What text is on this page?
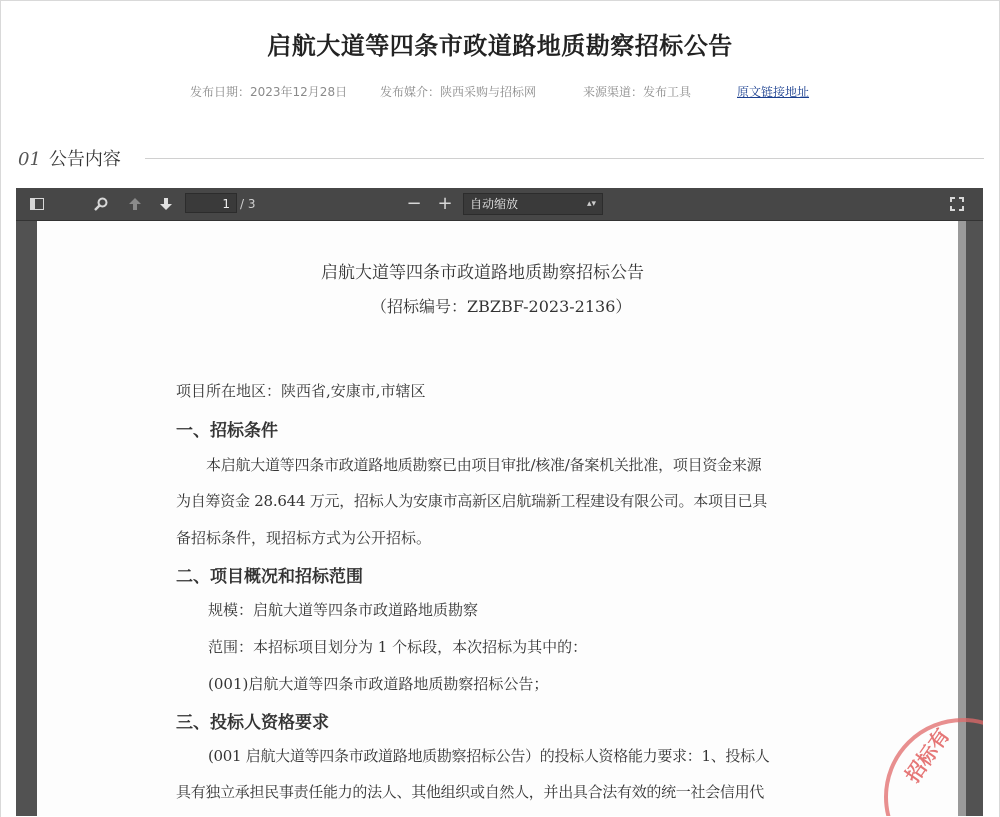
启航大道等四条市政道路地质勘察招标公告
发布日期：2023年12月28日	发布媒介：陕西采购与招标网	来源渠道：发布工具	原文链接地址
01 公告内容
1 / 3	− +	自动缩放	▴▾
启航大道等四条市政道路地质勘察招标公告
（招标编号：ZBZBF-2023-2136）
项目所在地区：陕西省,安康市,市辖区
一、招标条件
本启航大道等四条市政道路地质勘察已由项目审批/核准/备案机关批准，项目资金来源
为自筹资金 28.644 万元，招标人为安康市高新区启航瑞新工程建设有限公司。本项目已具
备招标条件，现招标方式为公开招标。
二、项目概况和招标范围
规模：启航大道等四条市政道路地质勘察
范围：本招标项目划分为 1 个标段，本次招标为其中的：
(001)启航大道等四条市政道路地质勘察招标公告；
三、投标人资格要求
(001 启航大道等四条市政道路地质勘察招标公告）的投标人资格能力要求：1、投标人
具有独立承担民事责任能力的法人、其他组织或自然人，并出具合法有效的统一社会信用代
招标有
